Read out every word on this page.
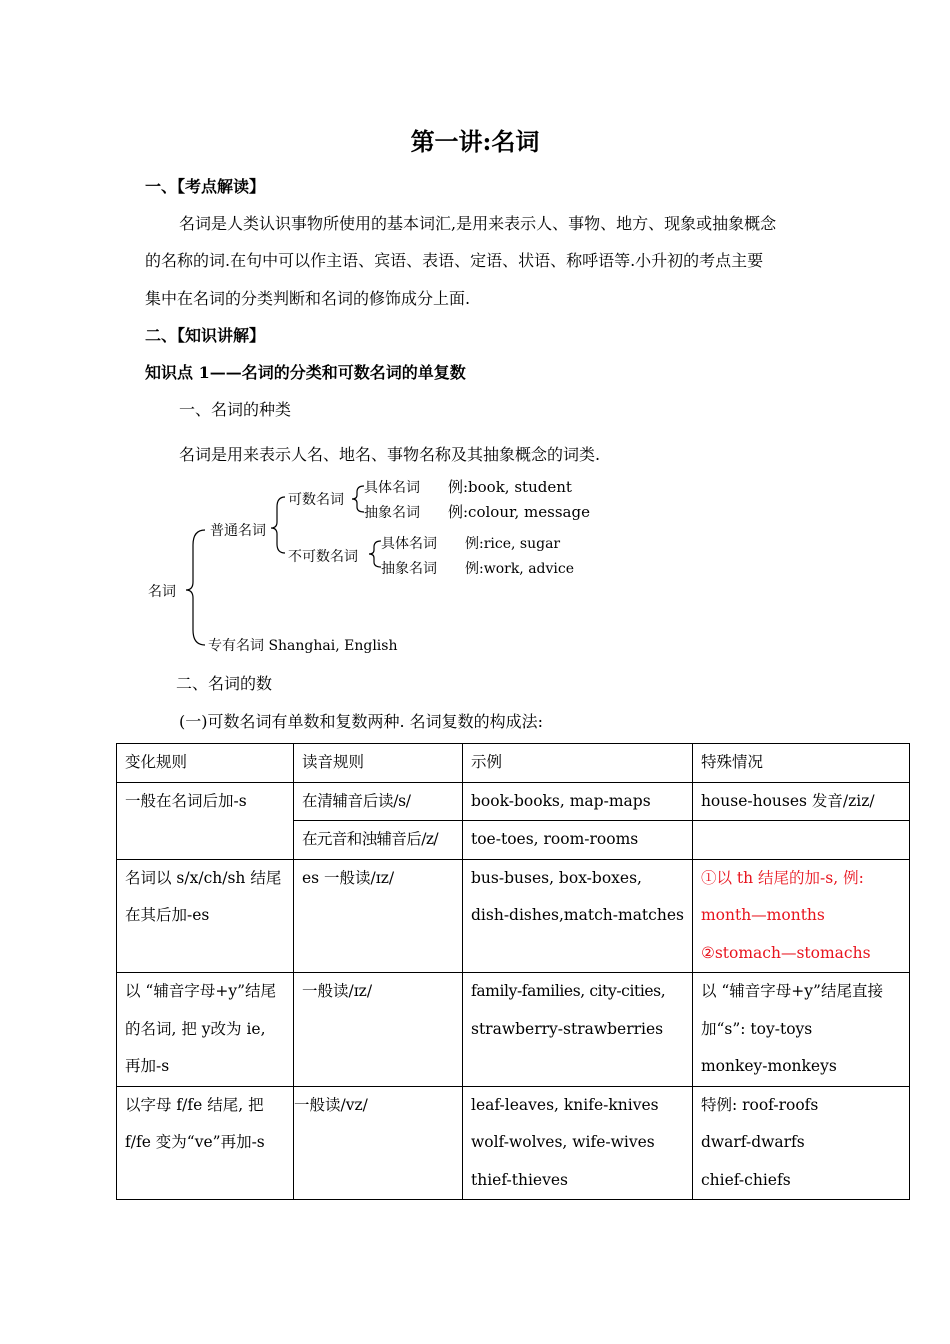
第一讲:名词
一、【考点解读】
名词是人类认识事物所使用的基本词汇,是用来表示人、事物、地方、现象或抽象概念
的名称的词.在句中可以作主语、宾语、表语、定语、状语、称呼语等.小升初的考点主要
集中在名词的分类判断和名词的修饰成分上面.
二、【知识讲解】
知识点 1——名词的分类和可数名词的单复数
一、名词的种类
名词是用来表示人名、地名、事物名称及其抽象概念的词类.
名词
普通名词
可数名词
不可数名词
具体名词
抽象名词
例:book, student
例:colour, message
具体名词
抽象名词
例:rice, sugar
例:work, advice
专有名词 Shanghai, English
二、名词的数
(一)可数名词有单数和复数两种. 名词复数的构成法:
变化规则	读音规则	示例	特殊情况
一般在名词后加-s	在清辅音后读/s/	book-books, map-maps	house-houses 发音/ziz/
	在元音和浊辅音后/z/	toe-toes, room-rooms	

名词以 s/x/ch/sh 结尾
在其后加-es	es 一般读/ɪz/	bus-buses, box-boxes,
dish-dishes,match-matches	①以 th 结尾的加-s, 例:
month—months
②stomach—stomachs

以 “辅音字母+y”结尾
的名词, 把 y改为 ie,
再加-s	一般读/ɪz/	family-families, city-cities,
strawberry-strawberries	以 “辅音字母+y”结尾直接
加“s”: toy-toys
monkey-monkeys

以字母 f/fe 结尾, 把
f/fe 变为“ve”再加-s	一般读/vz/	leaf-leaves, knife-knives
wolf-wolves, wife-wives
thief-thieves	特例: roof-roofs
dwarf-dwarfs
chief-chiefs
